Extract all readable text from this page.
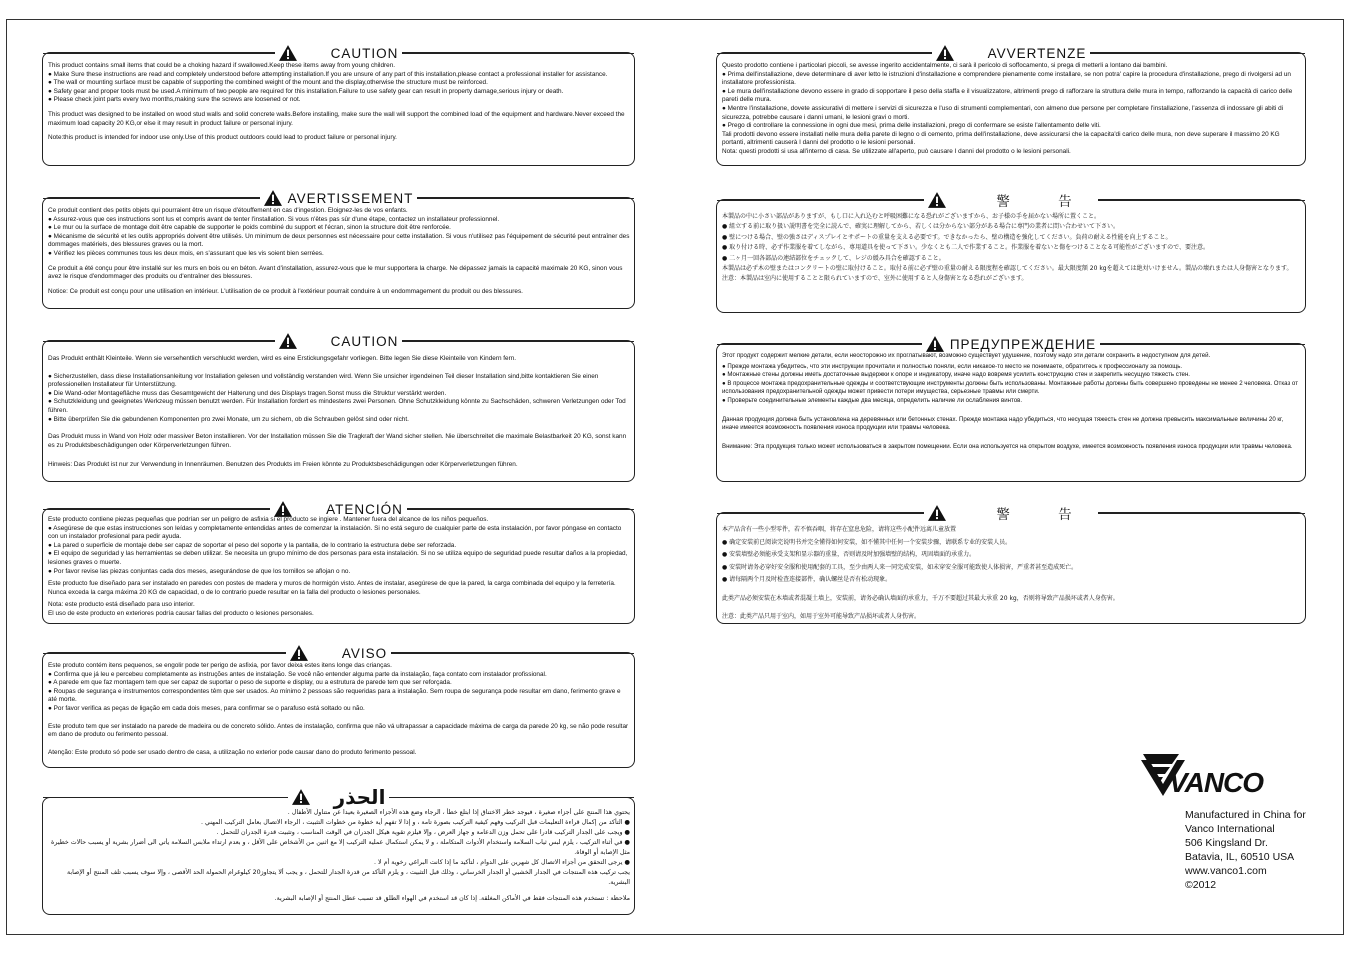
CAUTION

This product contains small items that could be a choking hazard if swallowed.Keep these items away from young children.

● Make Sure these instructions are read and completely understood before attempting installation.If you are unsure of any part of this installation,please contact a professional installer for assistance.

● The wall or mounting surface must be capable of supporting the combined weight of the mount and the display,otherwise the structure must be reinforced.

● Safety gear and proper tools must be used.A minimum of two people are required for this installation.Failure to use safety gear can result in property damage,serious injury or death.

● Please check joint parts every two months,making sure the screws are loosened or not.

This product was designed to be installed on wood stud walls and solid concrete walls.Before installing, make sure the wall will support the combined load of the equipment and hardware.Never exceed the maximum load capacity 20 KG,or else it may result in product failure or personal injury.

Note:this product is intended for indoor use only.Use of this product outdoors could lead to product failure or personal injury.

AVERTISSEMENT

Ce produit contient des petits objets qui pourraient être un risque d'étouffement en cas d'ingestion. Eloignez-les de vos enfants.

● Assurez-vous que ces instructions sont lus et compris avant de tenter l'installation. Si vous n'êtes pas sûr d'une étape, contactez un installateur professionnel.

● Le mur ou la surface de montage doit être capable de supporter le poids combiné du support et l'écran, sinon la structure doit être renforcée.

● Mécanisme de sécurité et les outils appropriés doivent être utilisés. Un minimum de deux personnes est nécessaire pour cette installation. Si vous n'utilisez pas l'équipement de sécurité peut entraîner des dommages matériels, des blessures graves ou la mort.

● Vérifiez les pièces communes tous les deux mois, en s'assurant que les vis soient bien serrées.

Ce produit a été conçu pour être installé sur les murs en bois ou en béton. Avant d'installation, assurez-vous que le mur supportera la charge. Ne dépassez jamais la capacité maximale 20 KG, sinon vous avez le risque d'endommager des produits ou d'entraîner des blessures.

Notice: Ce produit est conçu pour une utilisation en intérieur. L'utilisation de ce produit à l'extérieur pourrait conduire à un endommagement du produit ou des blessures.

CAUTION

Das Produkt enthält Kleinteile. Wenn sie versehentlich verschluckt werden, wird es eine Erstickungsgefahr vorliegen. Bitte legen Sie diese Kleinteile von Kindern fern.

● Sicherzustellen, dass diese Installationsanleitung vor Installation gelesen und vollständig verstanden wird. Wenn Sie unsicher irgendeinen Teil dieser Installation sind,bitte kontaktieren Sie einen professionellen Installateur für Unterstützung.

● Die Wand-oder Montagefläche muss das Gesamtgewicht der Halterung und des Displays tragen.Sonst muss die Struktur verstärkt werden.

● Schutzkleidung und geeignetes Werkzeug müssen benutzt werden. Für Installation fordert es mindestens zwei Personen. Ohne Schutzkleidung könnte zu Sachschäden, schweren Verletzungen oder Tod führen.

● Bitte überprüfen Sie die gebundenen Komponenten pro zwei Monate, um zu sichern, ob die Schrauben gelöst sind oder nicht.

Das Produkt muss in Wand von Holz oder massiver Beton installieren. Vor der Installation müssen Sie die Tragkraft der Wand sicher stellen. Nie überschreitet die maximale Belastbarkeit 20 KG, sonst kann es zu Produktsbeschädigungen oder Körperverletzungen führen.

Hinweis: Das Produkt ist nur zur Verwendung in Innenräumen. Benutzen des Produkts im Freien könnte zu Produktsbeschädigungen oder Körperverletzungen führen.

ATENCIÓN

Este producto contiene piezas pequeñas que podrían ser un peligro de asfixia si el producto se ingiere . Mantener fuera del alcance de los niños pequeños.

● Asegúrese de que estas instrucciones son leídas y completamente entendidas antes de comenzar la instalación. Si no está seguro de cualquier parte de esta instalación, por favor póngase en contacto con un instalador profesional para pedir ayuda.

● La pared o superficie de montaje debe ser capaz de soportar el peso del soporte y la pantalla, de lo contrario la estructura debe ser reforzada.

● El equipo de seguridad y las herramientas se deben utilizar. Se necesita un grupo mínimo de dos personas para esta instalación. Si no se utiliza equipo de seguridad puede resultar daños a la propiedad, lesiones graves o muerte.

● Por favor revise las piezas conjuntas cada dos meses, asegurándose de que los tornillos se aflojan o no.

Este producto fue diseñado para ser instalado en paredes con postes de madera y muros de hormigón visto. Antes de instalar, asegúrese de que la pared, la carga combinada del equipo y la ferretería. Nunca exceda la carga máxima 20 KG de capacidad, o de lo contrario puede resultar en la falla del producto o lesiones personales.

Nota: este producto está diseñado para uso interior.

El uso de este producto en exteriores podría causar fallas del producto o lesiones personales.

AVISO

Este produto contém itens pequenos, se engolir pode ter perigo de asfixia, por favor deixa estes itens longe das crianças.

● Confirma que já leu e percebeu completamente as instruções antes de instalação. Se você não entender alguma parte da instalação, faça contato com instalador profissional.

● A parede em que faz montagem tem que ser capaz de suportar o peso de suporte e display, ou a estrutura de parede tem que ser reforçada.

● Roupas de segurança e instrumentos correspondentes têm que ser usados. Ao mínimo 2 pessoas são requeridas para a instalação. Sem roupa de segurança pode resultar em dano, ferimento grave e até morte.

● Por favor verifica as peças de ligação em cada dois meses, para confirmar se o parafuso está soltado ou não.

Este produto tem que ser instalado na parede de madeira ou de concreto sólido. Antes de instalação, confirma que não vá ultrapassar a capacidade máxima de carga da parede 20 kg, se não pode resultar em dano de produto ou ferimento pessoal.

Atenção: Este produto só pode ser usado dentro de casa, a utilização no exterior pode causar dano do produto ferimento pessoal.

الحذر

يحتوي هذا المنتج على أجزاء صغيرة ، فيوجد خطر الاختناق إذا ابتلع خطأ ، الرجاء وضع هذه الأجزاء الصغيرة بعيدا عن متناول الأطفال .

● التأكد من إكمال قراءة التعليمات قبل التركيب وفهم كيفية التركيب بصورة تامة ، و إذا لا تفهم أية خطوة من خطوات التثبيت ، الرجاء الاتصال بعامل التركيب المهني .

● ويجب على الجدار التركيب قادرا على تحمل وزن الدعامة و جهاز العرض ، وإلا فيلزم تقوية هيكل الجدران في الوقت المناسب ، وتثبيت قدرة الجدران للتحمل .

● في أثناء التركيب ، يلزم لبس ثياب السلامة واستخدام الأدوات المتكاملة ، و لا يمكن استكمال عملية التركيب إلا مع اثنين من الأشخاص على الأقل ، و بعدم ارتداء ملابس السلامة يأتي الى أضرار بشرية أو يسبب حالات خطيرة مثل الإصابة أو الوفاة.

● يرجى التحقق من أجزاء الاتصال كل شهرين على الدوام ، لتأكيد ما إذا كانت البراغي رخوية أم لا .

يجب تركيب هذه المنتجات في الجدار الخشبي أو الجدار الخرساني ، وذلك قبل التثبيت ، و يلزم التأكد من قدرة الجدار للتحمل ، و يجب ألا يتجاوز20 كيلوغرام الحمولة الحد الأقصى ، وإلا سوف يسبب تلف المنتج أو الإصابة البشرية.

ملاحظة : تستخدم هذه المنتجات فقط في الأماكن المغلقة. إذا كان قد استخدم في الهواء الطلق قد تسبب عطل المنتج أو الإصابة البشرية.

AVVERTENZE

Questo prodotto contiene i particolari piccoli, se avesse ingerito accidentalmente, ci sarà il pericolo di soffocamento, si prega di metterli a lontano dai bambini.

● Prima dell'installazione, deve determinare di aver letto le istruzioni d'installazione e comprendere pienamente come installare, se non potra' capire la procedura d'installazione, prego di rivolgersi ad un installatore professionista.

● Le mura dell'installazione devono essere in grado di sopportare il peso della staffa e il visualizzatore, altrimenti prego di rafforzare la struttura delle mura in tempo, rafforzando la capacità di carico delle pareti delle mura.

● Mentre l'installazione, dovete assicurativi di mettere i servizi di sicurezza e l'uso di strumenti complementari, con almeno due persone per completare l'installazione, l'assenza di indossare gli abiti di sicurezza, potrebbe causare i danni umani, le lesioni gravi o morti.

● Prego di controllare la connessione in ogni due mesi, prima delle installazioni, prego di confermare se esiste l'allentamento delle viti.

Tali prodotti devono essere installati nelle mura della parete di legno o di cemento, prima dell'installazione, deve assicurarsi che la capacita'di carico delle mura, non deve superare il massimo 20 KG portanti, altrimenti causerà I danni del prodotto o le lesioni personali.

Nota: questi prodotti si usa all'interno di casa. Se utilizzate all'aperto, può causare I danni del prodotto o le lesioni personali.

警 告

本製品の中に小さい部品がありますが、もし口に入れ込むと呼吸困難になる恐れがございますから、お子様の手を届かない場所に置くこと。

● 組立する前に取り扱い説明書を完全に読んで、確実に理解してから、若しくは分からない部分がある場合に専門の業者に問い合わせいて下さい。

● 壁につける場合、壁の強さはディスプレイとサポートの重量を支える必要です。できなかったら、壁の構造を強化してください。負荷の耐える性能を向上すること。

● 取り付ける時、必ず作業服を着てしながら、専用道具を使って下さい。少なくとも二人で作業すること。作業服を着ないと傷をつけることなる可能性がございますので、要注意。

● 二ヶ月一回各部品の連結部位をチェックして、レジの緩み具合を確認すること。

本製品は必ず木の壁またはコンクリートの壁に取付けること。取付る前に必ず壁の重量の耐える限度程を確認してください。最大限度額 20 kgを超えては絶対いけません。製品の壊れまたは人身傷害となります。

注意：本製品は室内に使用することと限られていますので、室外に使用すると人身傷害となる恐れがございます。

ПРЕДУПРЕЖДЕНИЕ

Этот продукт содержит мелкие детали, если неосторожно их проглатывают, возможно существует удушение, поэтому надо эти детали сохранить в недоступном для детей.

● Прежде монтажа убедитесь, что эти инструкции прочитали и полностью поняли, если никакое-то место не понимаете, обратитесь к профессионалу за помощь.

● Монтажные стены должны иметь достаточные выдержки к опоре и индикатору, иначе надо вовремя усилить конструкцию стен и закрепить несущую тяжесть стен.

● В процессе монтажа предохранительные одежды и соответствующие инструменты должны быть использованы. Монтажные работы должны быть совершено проведены не менее 2 человека. Отказ от использования предохранительной одежды может привести потери имущества, серьезные травмы или смерти.

● Проверьте соединительные элементы каждые два месяца, определить наличие ли ослабления винтов.

Данная продукция должна быть установлена на деревянных или бетонных стенах. Прежде монтажа надо убедиться, что несущая тяжесть стен не должна превысить максимальные величины 20 кг, иначе имеется возможность появления износа продукции или травмы человека.

Внимание: Эта продукция только может использоваться в закрытом помещении. Если она используется на открытом воздухе, имеется возможность появления износа продукции или травмы человека.

警 告

本产品含有一些小型零件，若不慎吞咽，将存在窒息危险，请将这些小配件远离儿童放置

● 确定安装前已阅读完说明书并完全懂得如何安装，如不懂其中任何一个安装步骤，请联系专业的安装人员。

● 安装墙壁必须能承受支架和显示器的重量，否则请及时加强墙壁的结构，巩固墙面的承重力。

● 安装时请务必穿好安全服和使用配套的工具，至少由两人来一同完成安装，如未穿安全服可能致使人体损害，严重者甚至造成死亡。

● 请每隔两个月及时检查连接部件，确认螺丝是否有松动现象。

此类产品必须安装在木墙或者混凝土墙上，安装前，请务必确认墙面的承重力，千万不要超过其最大承重 20 kg，否则将导致产品损坏或者人身伤害。

注意：此类产品只用于室内，如用于室外可能导致产品损坏或者人身伤害。

VANCO
Manufactured in China for
Vanco International
506 Kingsland Dr.
Batavia, IL, 60510 USA
www.vanco1.com
©2012
